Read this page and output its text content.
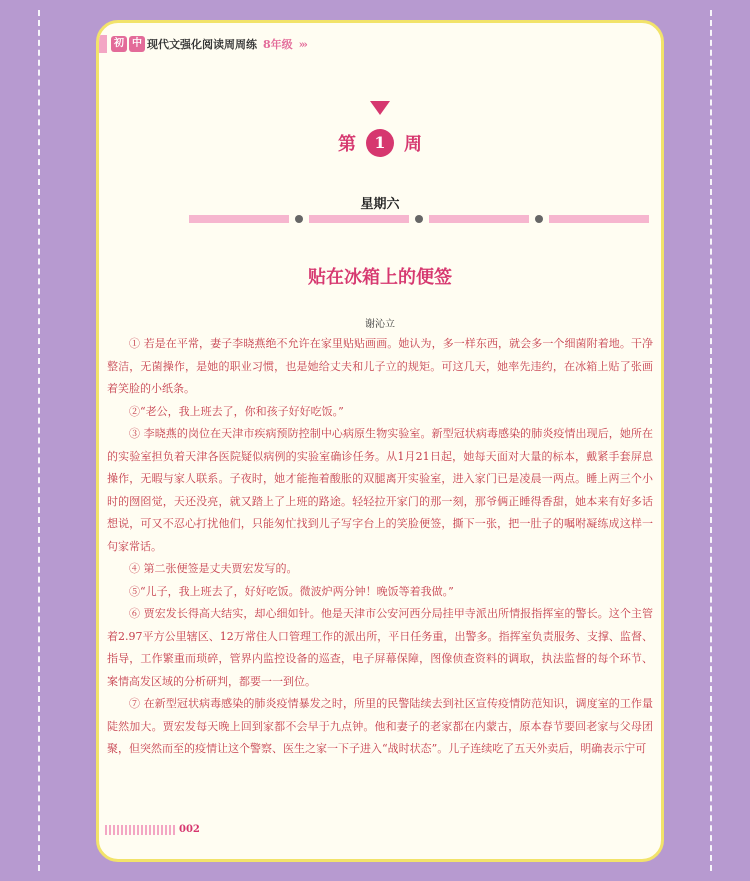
初 中 现代文强化阅读周周练 8年级 ›››
第	1	周
星期六
贴在冰箱上的便签
谢沁立

① 若是在平常，妻子李晓燕绝不允许在家里贴贴画画。她认为，多一样东西，就会多一个细菌附着地。干净整洁，无菌操作，是她的职业习惯，也是她给丈夫和儿子立的规矩。可这几天，她率先违约，在冰箱上贴了张画着笑脸的小纸条。

②“老公，我上班去了，你和孩子好好吃饭。”

③ 李晓燕的岗位在天津市疾病预防控制中心病原生物实验室。新型冠状病毒感染的肺炎疫情出现后，她所在的实验室担负着天津各医院疑似病例的实验室确诊任务。从1月21日起，她每天面对大量的标本，戴紧手套屏息操作，无暇与家人联系。子夜时，她才能拖着酸胀的双腿离开实验室，进入家门已是凌晨一两点。睡上两三个小时的囫囵觉，天还没亮，就又踏上了上班的路途。轻轻拉开家门的那一刻，那爷俩正睡得香甜，她本来有好多话想说，可又不忍心打扰他们，只能匆忙找到儿子写字台上的笑脸便签，撕下一张，把一肚子的嘱咐凝练成这样一句家常话。

④ 第二张便签是丈夫贾宏发写的。

⑤“儿子，我上班去了，好好吃饭。微波炉两分钟！晚饭等着我做。”

⑥ 贾宏发长得高大结实，却心细如针。他是天津市公安河西分局挂甲寺派出所情报指挥室的警长。这个主管着2.97平方公里辖区、12万常住人口管理工作的派出所，平日任务重，出警多。指挥室负责服务、支撑、监督、指导，工作繁重而琐碎，管界内监控设备的巡查，电子屏幕保障，图像侦查资料的调取，执法监督的每个环节、案情高发区域的分析研判，都要一一到位。

⑦ 在新型冠状病毒感染的肺炎疫情暴发之时，所里的民警陆续去到社区宣传疫情防范知识，调度室的工作量陡然加大。贾宏发每天晚上回到家都不会早于九点钟。他和妻子的老家都在内蒙古，原本春节要回老家与父母团聚，但突然而至的疫情让这个警察、医生之家一下子进入“战时状态”。儿子连续吃了五天外卖后，明确表示宁可

002
